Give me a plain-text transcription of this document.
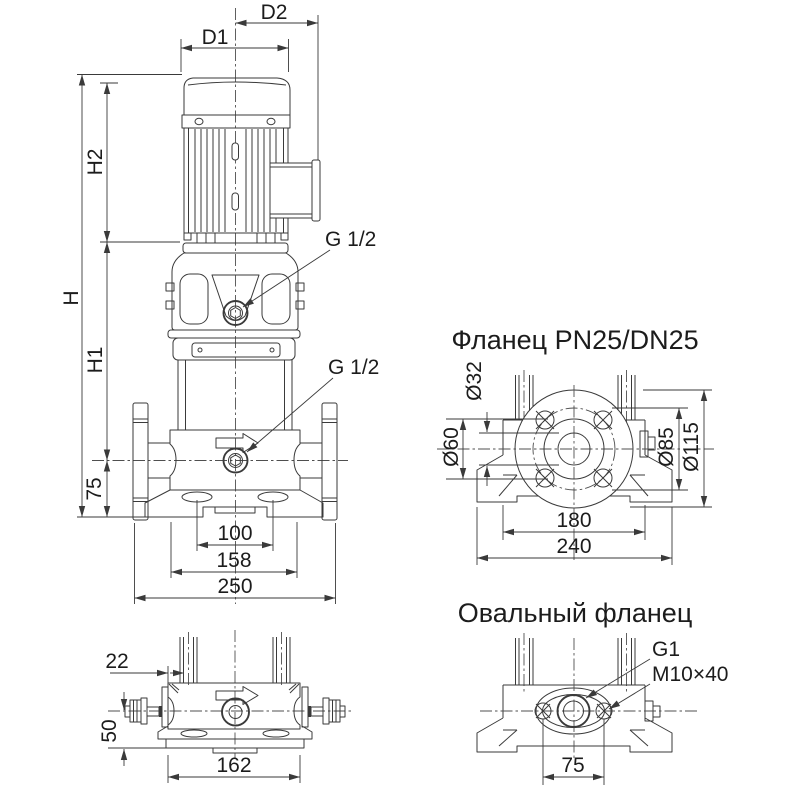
D2
D1
H
H2
H1
75
100
158
250
G 1/2
G 1/2
Фланец PN25/DN25
Ø32
Ø60	Ø85 Ø115
180
240
22
50
162
Овальный фланец
G1
M10×40
75
